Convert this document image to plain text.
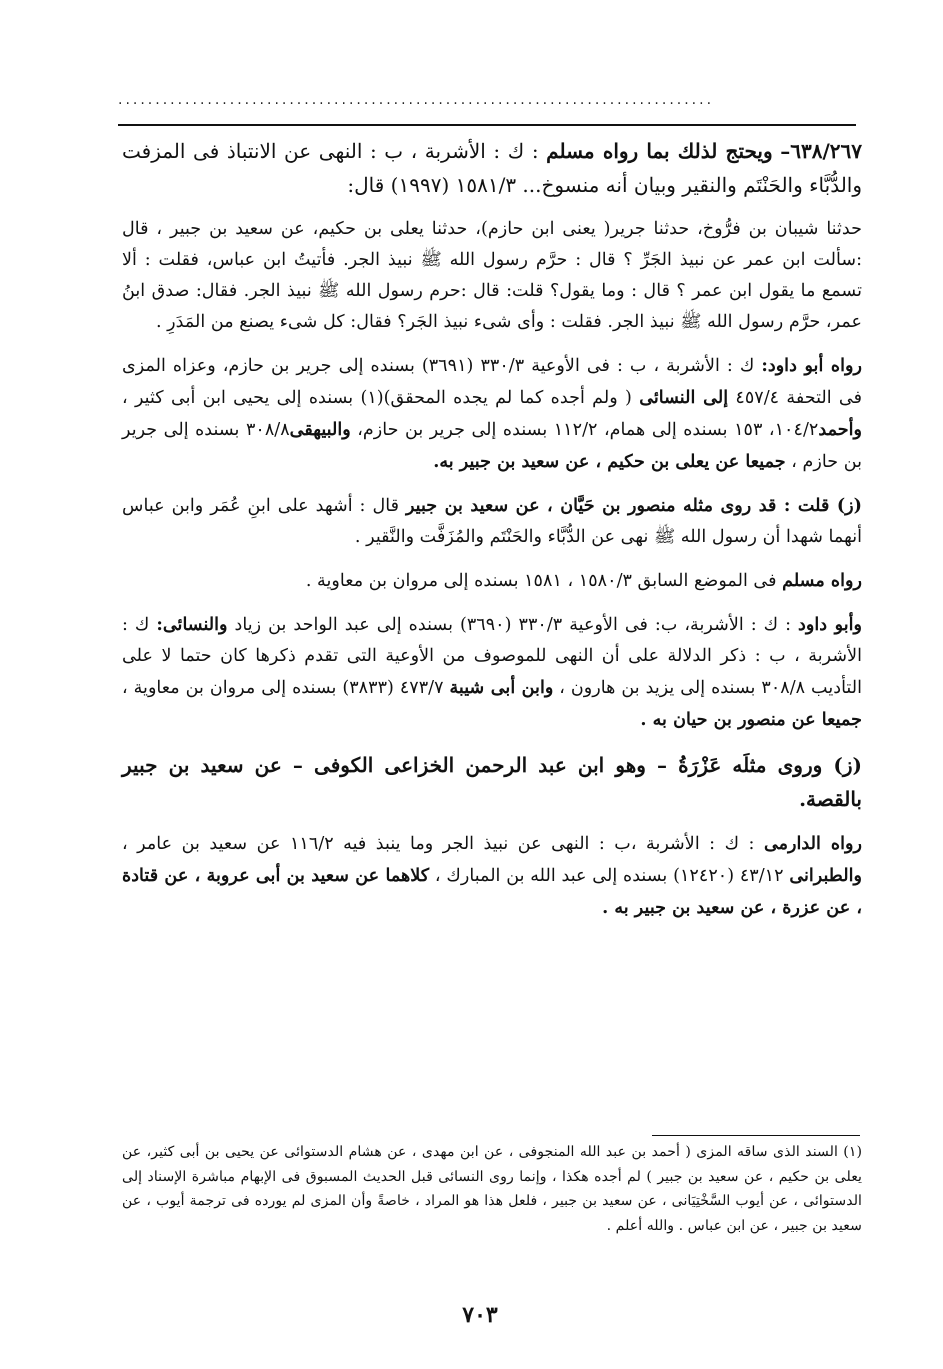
................................................................................

٦٣٨/٢٦٧– ويحتج لذلك بما رواه مسلم : ك : الأشربة ، ب : النهى عن الانتباذ فى المزفت والدُّبَّاء والحَنْتَم والنقير وبيان أنه منسوخ... ١٥٨١/٣ (١٩٩٧) قال:

حدثنا شيبان بن فرُّوخ، حدثنا جرير( يعنى ابن حازم)، حدثنا يعلى بن حكيم، عن سعيد بن جبير ، قال :سألت ابن عمر عن نبيذ الجَرِّ ؟ قال : حرَّم رسول الله ﷺ نبيذ الجر. فأتيتُ ابن عباس، فقلت : ألا تسمع ما يقول ابن عمر ؟ قال : وما يقول؟ قلت: قال :حرم رسول الله ﷺ نبيذ الجر. فقال: صدق ابنُ عمر، حرَّم رسول الله ﷺ نبيذ الجر. فقلت : وأى شىء نبيذ الجَر؟ فقال: كل شىء يصنع من المَدَرِ .

رواه أبو داود: ك : الأشربة ، ب : فى الأوعية ٣٣٠/٣ (٣٦٩١) بسنده إلى جرير بن حازم، وعزاه المزى فى التحفة ٤٥٧/٤ إلى النسائى ( ولم أجده كما لم يجده المحقق)(١) بسنده إلى يحيى ابن أبى كثير ، وأحمد١٠٤/٢، ١٥٣ بسنده إلى همام، ١١٢/٢ بسنده إلى جرير بن حازم، والبيهقى٣٠٨/٨ بسنده إلى جرير بن حازم ، جميعا عن يعلى بن حكيم ، عن سعيد بن جبير به.

(ز) قلت : قد روى مثله منصور بن حَيَّان ، عن سعيد بن جبير قال : أشهد على ابنِ عُمَر وابن عباس أنهما شهدا أن رسول الله ﷺ نهى عن الدُّبَّاء والحَنْتَم والمُزَفَّت والنَّقير .

رواه مسلم فى الموضع السابق ١٥٨٠/٣ ، ١٥٨١ بسنده إلى مروان بن معاوية .

وأبو داود : ك : الأشربة، ب: فى الأوعية ٣٣٠/٣ (٣٦٩٠) بسنده إلى عبد الواحد بن زياد والنسائى: ك : الأشربة ، ب : ذكر الدلالة على أن النهى للموصوف من الأوعية التى تقدم ذكرها كان حتما لا على التأديب ٣٠٨/٨ بسنده إلى يزيد بن هارون ، وابن أبى شيبة ٤٧٣/٧ (٣٨٣٣) بسنده إلى مروان بن معاوية ، جميعا عن منصور بن حيان به .

(ز) وروى مثلَه عَزْرَةُ – وهو ابن عبد الرحمن الخزاعى الكوفى – عن سعيد بن جبير بالقصة.

رواه الدارمى : ك : الأشربة ،ب : النهى عن نبيذ الجر وما ينبذ فيه ١١٦/٢ عن سعيد بن عامر ، والطبرانى ٤٣/١٢ (١٢٤٢٠) بسنده إلى عبد الله بن المبارك ، كلاهما عن سعيد بن أبى عروبة ، عن قتادة ، عن عزرة ، عن سعيد بن جبير به .

(١) السند الذى ساقه المزى ( أحمد بن عبد الله المنجوفى ، عن ابن مهدى ، عن هشام الدستوائى عن يحيى بن أبى كثير، عن يعلى بن حكيم ، عن سعيد بن جبير ) لم أجده هكذا ، وإنما روى النسائى قبل الحديث المسبوق فى الإبهام مباشرة الإسناد إلى الدستوائى ، عن أيوب السَّخْتِيَانى ، عن سعيد بن جبير ، فلعل هذا هو المراد ، خاصةً وأن المزى لم يورده فى ترجمة أيوب ، عن سعيد بن جبير ، عن ابن عباس . والله أعلم .
٧٠٣
